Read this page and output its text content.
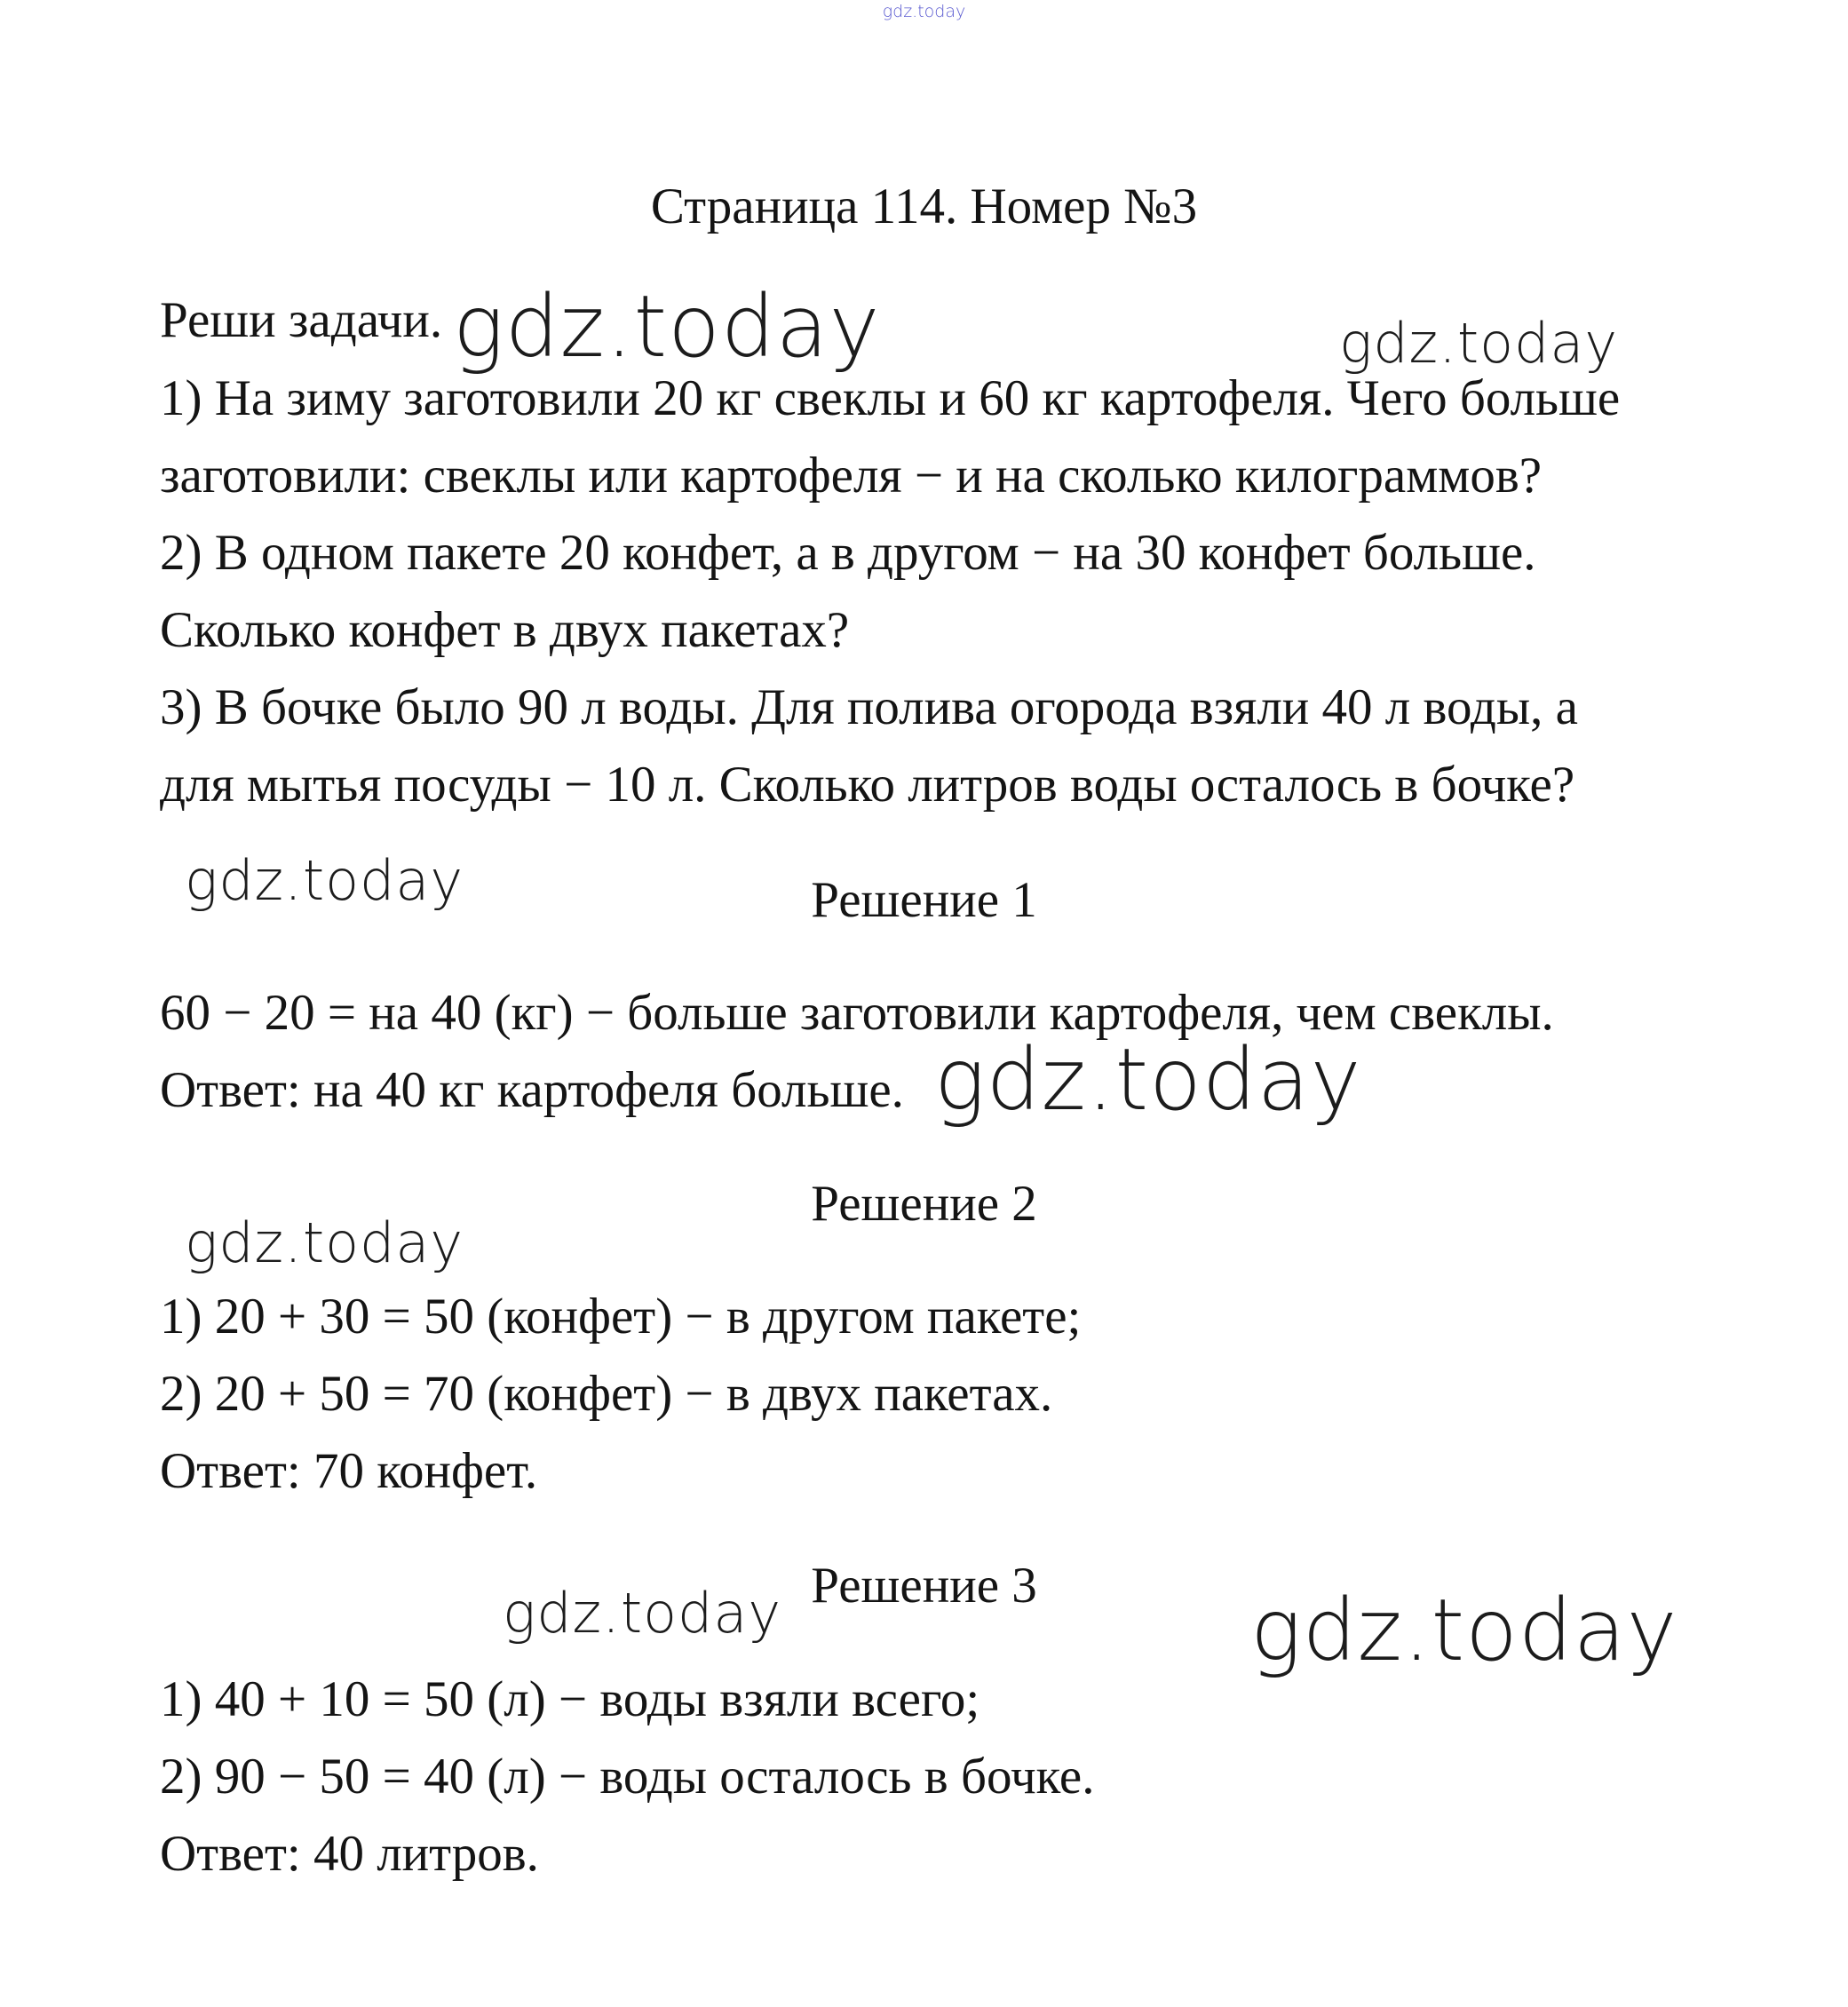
gdz.today
Страница 114. Номер №3
Реши задачи.
1) На зиму заготовили 20 кг свеклы и 60 кг картофеля. Чего больше
заготовили: свеклы или картофеля − и на сколько килограммов?
2) В одном пакете 20 конфет, а в другом − на 30 конфет больше.
Сколько конфет в двух пакетах?
3) В бочке было 90 л воды. Для полива огорода взяли 40 л воды, а
для мытья посуды − 10 л. Сколько литров воды осталось в бочке?
Решение 1
60 − 20 = на 40 (кг) − больше заготовили картофеля, чем свеклы.
Ответ: на 40 кг картофеля больше.
Решение 2
1) 20 + 30 = 50 (конфет) − в другом пакете;
2) 20 + 50 = 70 (конфет) − в двух пакетах.
Ответ: 70 конфет.
Решение 3
1) 40 + 10 = 50 (л) − воды взяли всего;
2) 90 − 50 = 40 (л) − воды осталось в бочке.
Ответ: 40 литров.
gdz.today	gdz.today
gdz.today
gdz.today
gdz.today
gdz.today	gdz.today
